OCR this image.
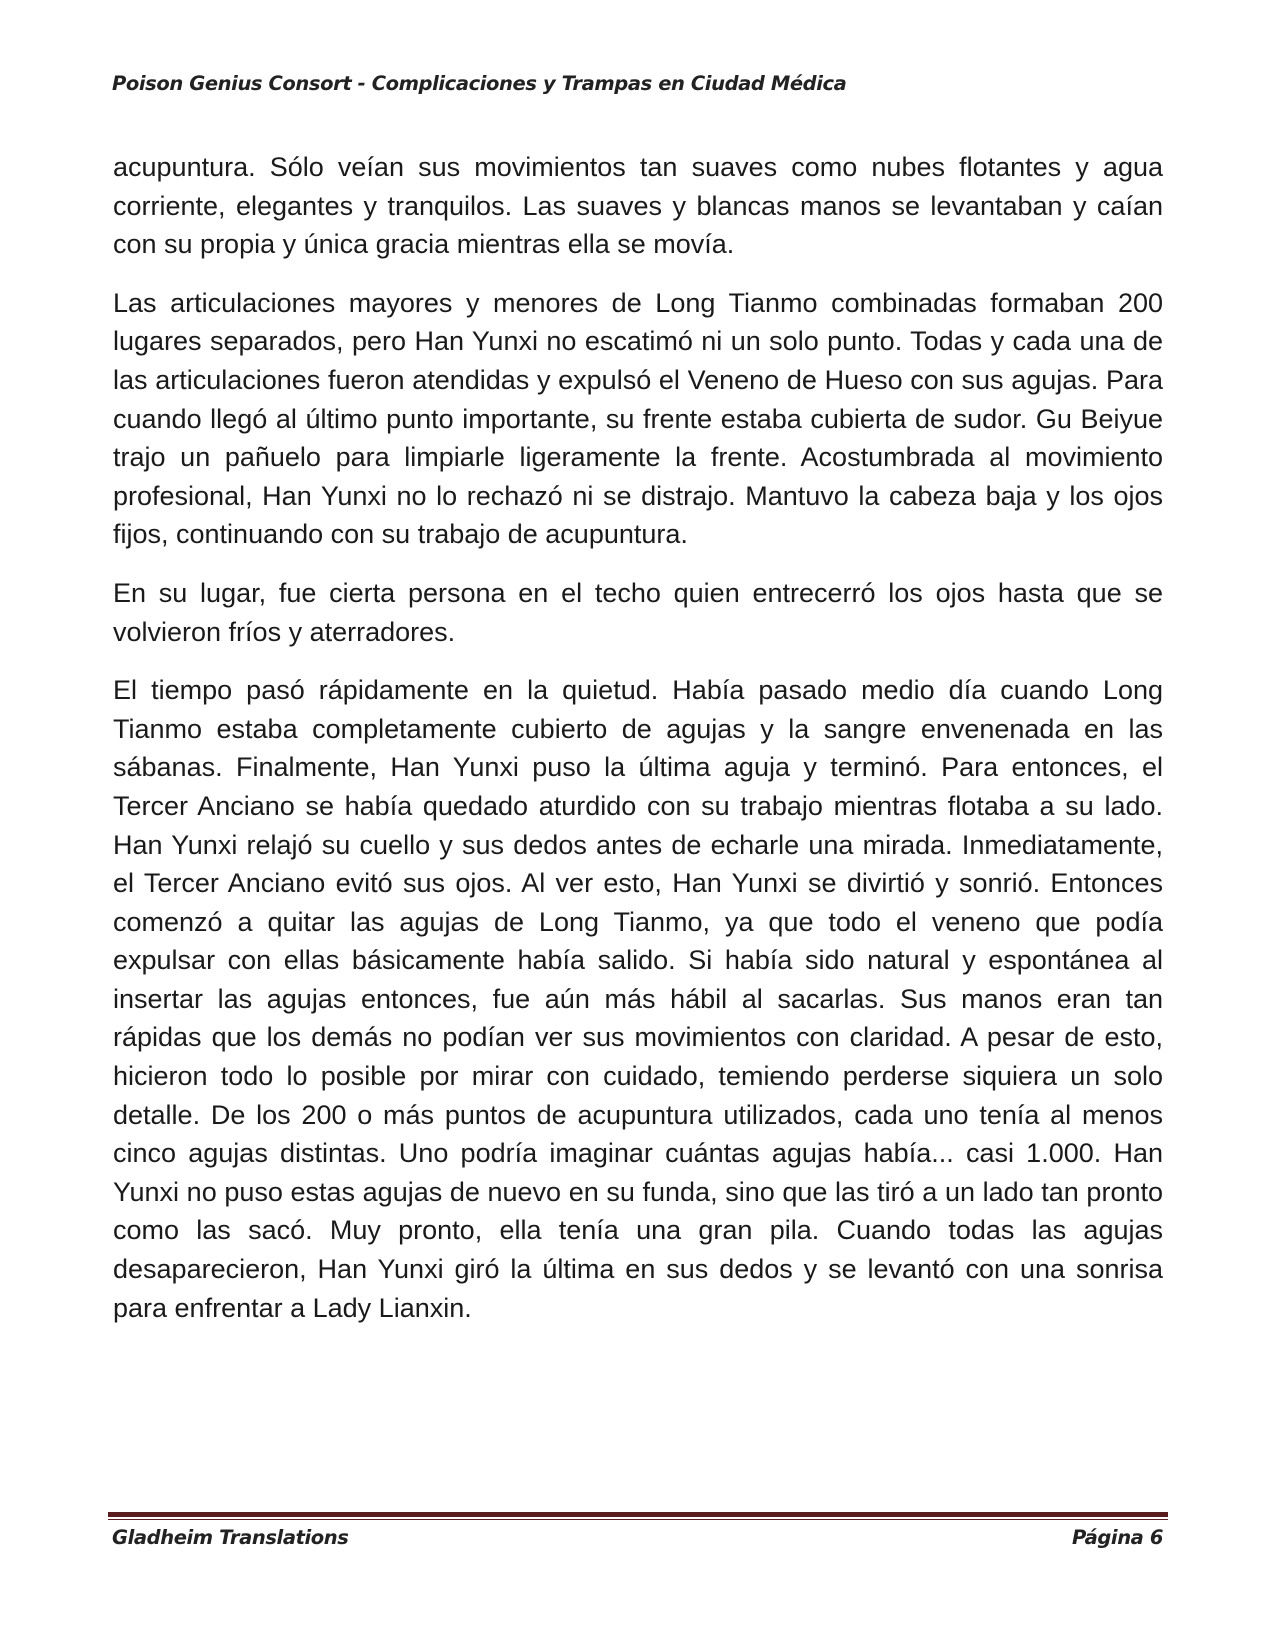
Poison Genius Consort - Complicaciones y Trampas en Ciudad Médica

acupuntura. Sólo veían sus movimientos tan suaves como nubes flotantes y agua corriente, elegantes y tranquilos. Las suaves y blancas manos se levantaban y caían con su propia y única gracia mientras ella se movía.

Las articulaciones mayores y menores de Long Tianmo combinadas formaban 200 lugares separados, pero Han Yunxi no escatimó ni un solo punto. Todas y cada una de las articulaciones fueron atendidas y expulsó el Veneno de Hueso con sus agujas. Para cuando llegó al último punto importante, su frente estaba cubierta de sudor. Gu Beiyue trajo un pañuelo para limpiarle ligeramente la frente. Acostumbrada al movimiento profesional, Han Yunxi no lo rechazó ni se distrajo. Mantuvo la cabeza baja y los ojos fijos, continuando con su trabajo de acupuntura.

En su lugar, fue cierta persona en el techo quien entrecerró los ojos hasta que se volvieron fríos y aterradores.

El tiempo pasó rápidamente en la quietud. Había pasado medio día cuando Long Tianmo estaba completamente cubierto de agujas y la sangre envenenada en las sábanas. Finalmente, Han Yunxi puso la última aguja y terminó. Para entonces, el Tercer Anciano se había quedado aturdido con su trabajo mientras flotaba a su lado. Han Yunxi relajó su cuello y sus dedos antes de echarle una mirada. Inmediatamente, el Tercer Anciano evitó sus ojos. Al ver esto, Han Yunxi se divirtió y sonrió. Entonces comenzó a quitar las agujas de Long Tianmo, ya que todo el veneno que podía expulsar con ellas básicamente había salido. Si había sido natural y espontánea al insertar las agujas entonces, fue aún más hábil al sacarlas. Sus manos eran tan rápidas que los demás no podían ver sus movimientos con claridad. A pesar de esto, hicieron todo lo posible por mirar con cuidado, temiendo perderse siquiera un solo detalle. De los 200 o más puntos de acupuntura utilizados, cada uno tenía al menos cinco agujas distintas. Uno podría imaginar cuántas agujas había... casi 1.000. Han Yunxi no puso estas agujas de nuevo en su funda, sino que las tiró a un lado tan pronto como las sacó. Muy pronto, ella tenía una gran pila. Cuando todas las agujas desaparecieron, Han Yunxi giró la última en sus dedos y se levantó con una sonrisa para enfrentar a Lady Lianxin.

Gladheim Translations	Página 6
